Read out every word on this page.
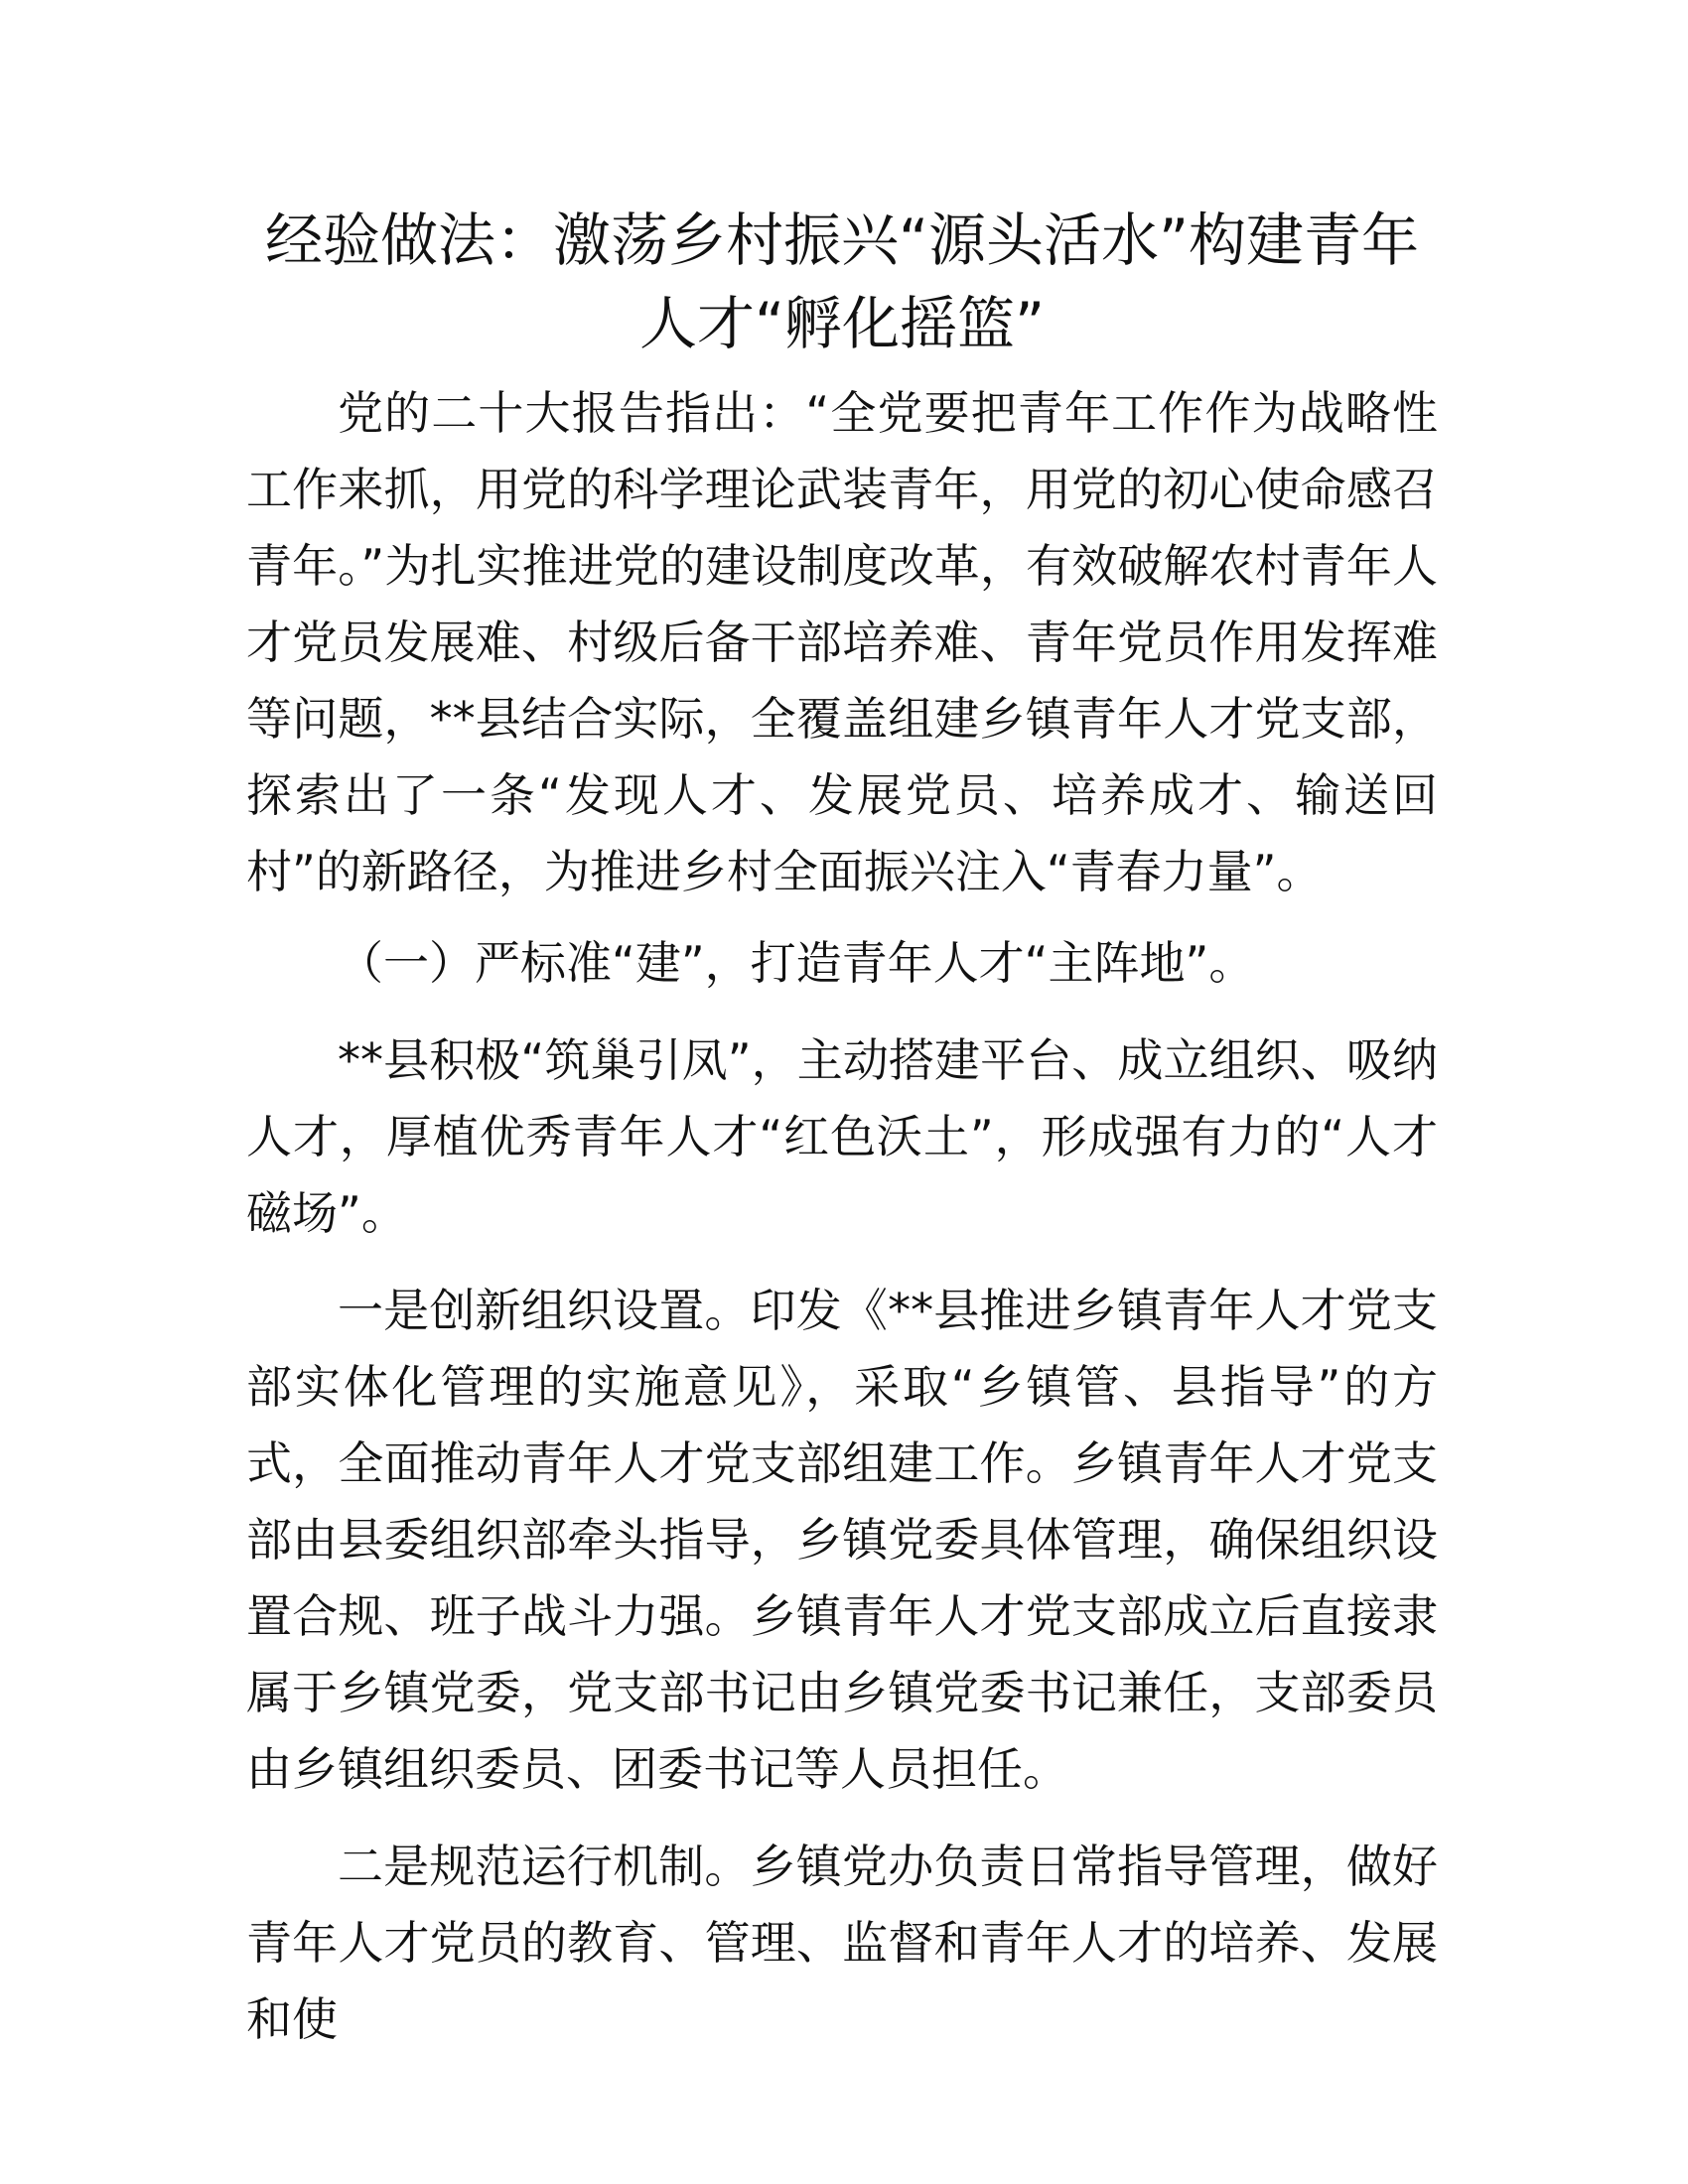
经验做法：激荡乡村振兴“源头活水”构建青年人才“孵化摇篮”

党的二十大报告指出：“全党要把青年工作作为战略性工作来抓，用党的科学理论武装青年，用党的初心使命感召青年。”为扎实推进党的建设制度改革，有效破解农村青年人才党员发展难、村级后备干部培养难、青年党员作用发挥难等问题，**县结合实际，全覆盖组建乡镇青年人才党支部，探索出了一条“发现人才、发展党员、培养成才、输送回村”的新路径，为推进乡村全面振兴注入“青春力量”。

（一）严标准“建”，打造青年人才“主阵地”。

**县积极“筑巢引凤”，主动搭建平台、成立组织、吸纳人才，厚植优秀青年人才“红色沃土”，形成强有力的“人才磁场”。

一是创新组织设置。印发《**县推进乡镇青年人才党支部实体化管理的实施意见》，采取“乡镇管、县指导”的方式，全面推动青年人才党支部组建工作。乡镇青年人才党支部由县委组织部牵头指导，乡镇党委具体管理，确保组织设置合规、班子战斗力强。乡镇青年人才党支部成立后直接隶属于乡镇党委，党支部书记由乡镇党委书记兼任，支部委员由乡镇组织委员、团委书记等人员担任。

二是规范运行机制。乡镇党办负责日常指导管理，做好青年人才党员的教育、管理、监督和青年人才的培养、发展和使
